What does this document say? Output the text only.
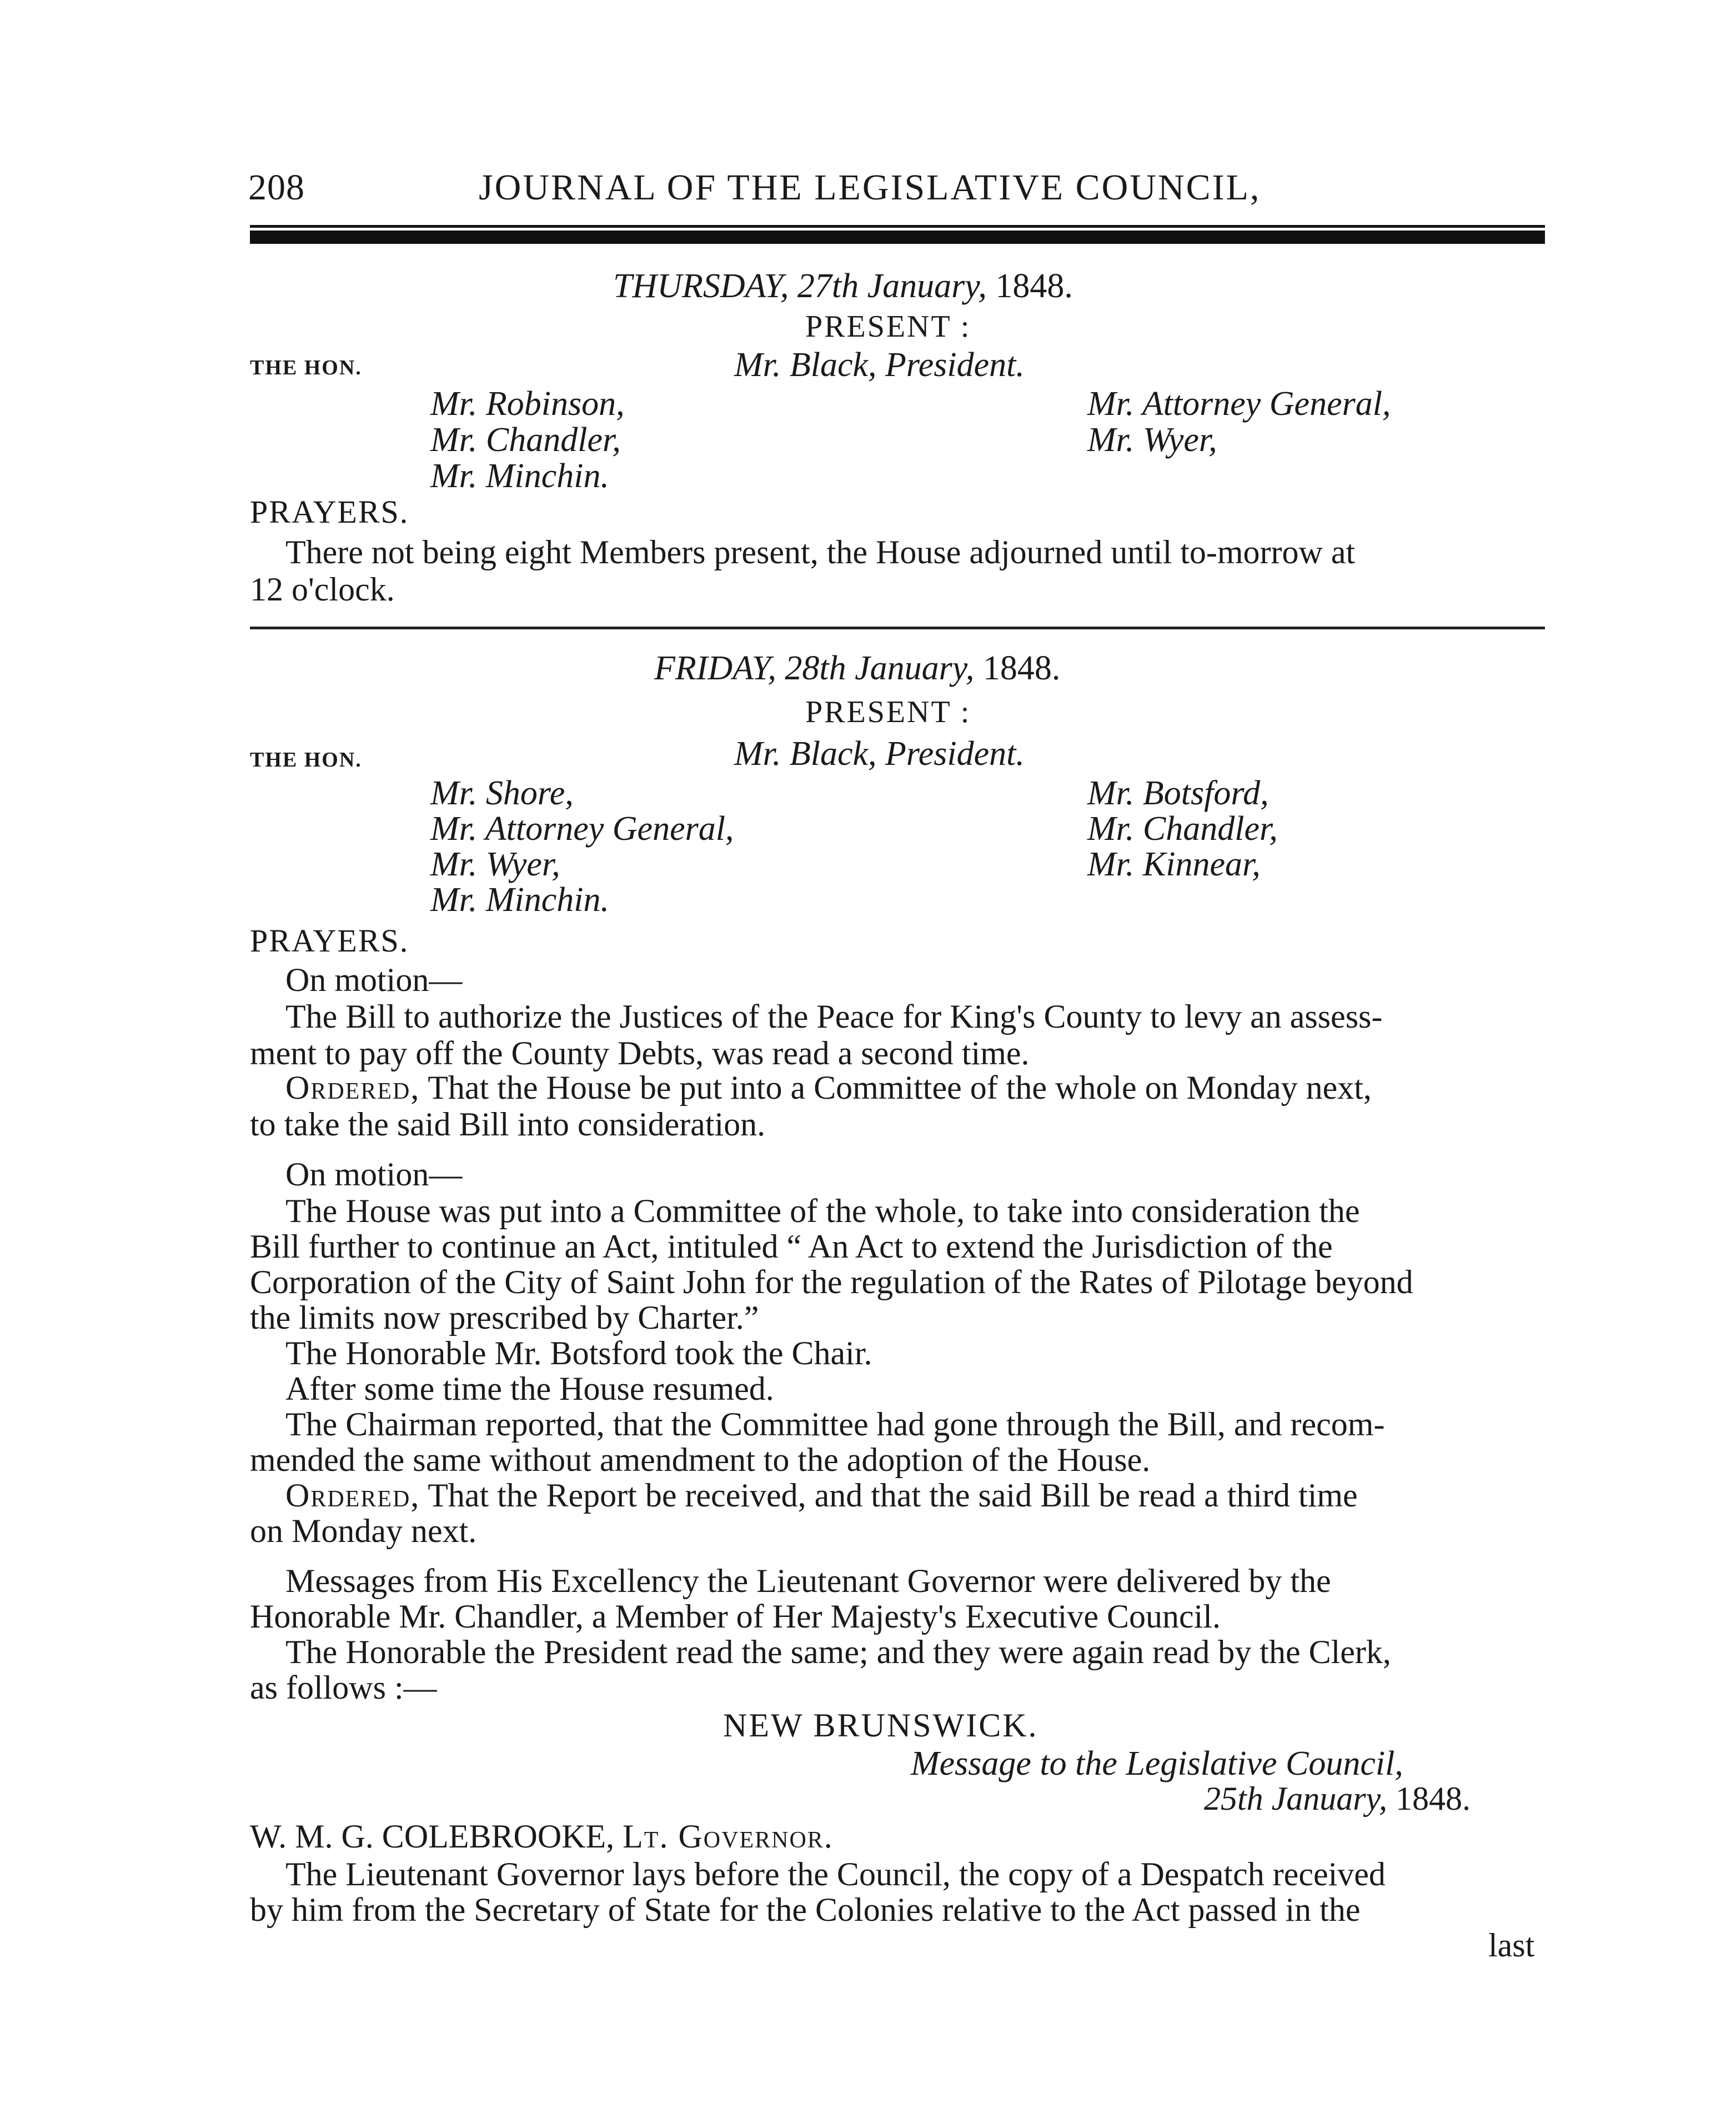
208	JOURNAL OF THE LEGISLATIVE COUNCIL,
THURSDAY, 27th January, 1848.
PRESENT :
THE HON.	Mr. Black, President.
Mr. Robinson,
Mr. Chandler,
Mr. Minchin.
Mr. Attorney General,
Mr. Wyer,
PRAYERS.
There not being eight Members present, the House adjourned until to-morrow at
12 o'clock.
FRIDAY, 28th January, 1848.
PRESENT :
THE HON.	Mr. Black, President.
Mr. Shore,
Mr. Attorney General,
Mr. Wyer,
Mr. Minchin.
Mr. Botsford,
Mr. Chandler,
Mr. Kinnear,
PRAYERS.
On motion—
The Bill to authorize the Justices of the Peace for King's County to levy an assess-
ment to pay off the County Debts, was read a second time.
Ordered, That the House be put into a Committee of the whole on Monday next,
to take the said Bill into consideration.
On motion—
The House was put into a Committee of the whole, to take into consideration the
Bill further to continue an Act, intituled “ An Act to extend the Jurisdiction of the
Corporation of the City of Saint John for the regulation of the Rates of Pilotage beyond
the limits now prescribed by Charter.”
The Honorable Mr. Botsford took the Chair.
After some time the House resumed.
The Chairman reported, that the Committee had gone through the Bill, and recom-
mended the same without amendment to the adoption of the House.
Ordered, That the Report be received, and that the said Bill be read a third time
on Monday next.
Messages from His Excellency the Lieutenant Governor were delivered by the
Honorable Mr. Chandler, a Member of Her Majesty's Executive Council.
The Honorable the President read the same; and they were again read by the Clerk,
as follows :—
NEW BRUNSWICK.
Message to the Legislative Council,
25th January, 1848.
W. M. G. COLEBROOKE, Lt. Governor.
The Lieutenant Governor lays before the Council, the copy of a Despatch received
by him from the Secretary of State for the Colonies relative to the Act passed in the
last
